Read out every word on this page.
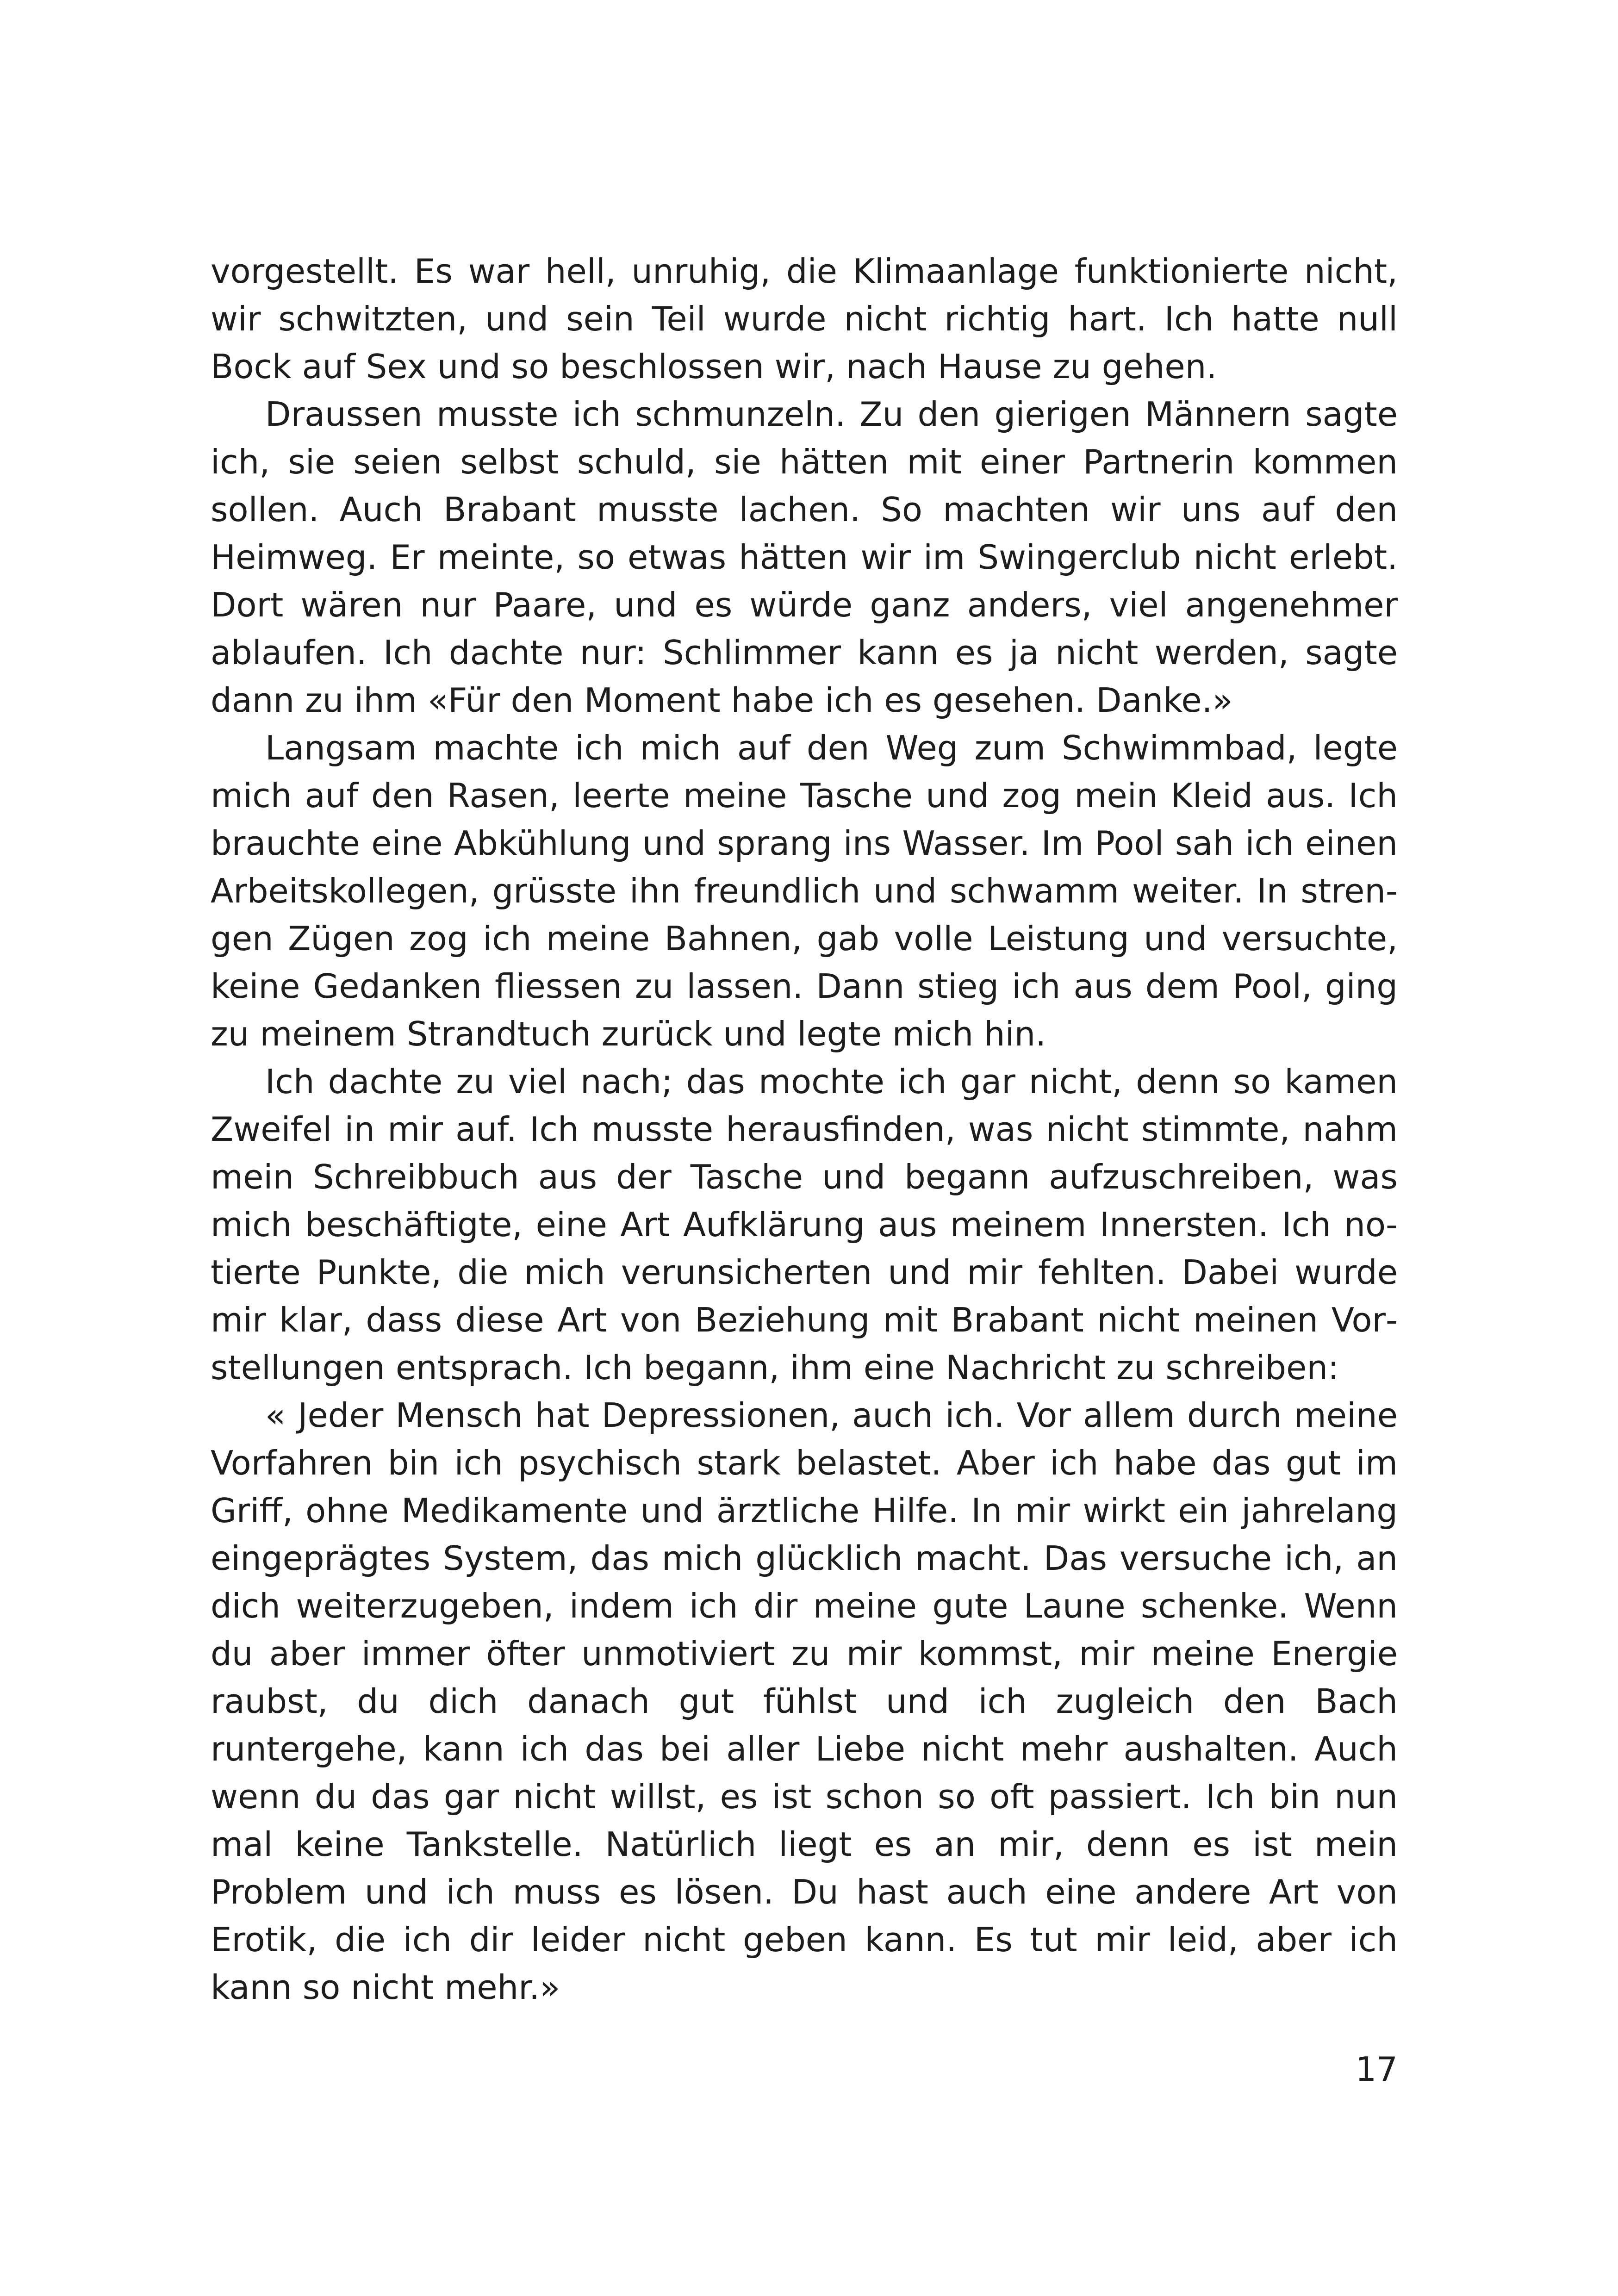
vorgestellt. Es war hell, unruhig, die Klimaanlage funktionierte nicht, wir schwitzten, und sein Teil wurde nicht richtig hart. Ich hatte null Bock auf Sex und so beschlossen wir, nach Hause zu gehen.

Draussen musste ich schmunzeln. Zu den gierigen Männern sagte ich, sie seien selbst schuld, sie hätten mit einer Partnerin kommen sollen. Auch Brabant musste lachen. So machten wir uns auf den Heimweg. Er meinte, so etwas hätten wir im Swingerclub nicht erlebt. Dort wären nur Paare, und es würde ganz anders, viel angenehmer ablaufen. Ich dachte nur: Schlimmer kann es ja nicht werden, sagte dann zu ihm «Für den Moment habe ich es gesehen. Danke.»

Langsam machte ich mich auf den Weg zum Schwimmbad, legte mich auf den Rasen, leerte meine Tasche und zog mein Kleid aus. Ich brauchte eine Abkühlung und sprang ins Wasser. Im Pool sah ich einen Arbeitskollegen, grüsste ihn freundlich und schwamm weiter. In strengen Zügen zog ich meine Bahnen, gab volle Leistung und versuchte, keine Gedanken fliessen zu lassen. Dann stieg ich aus dem Pool, ging zu meinem Strandtuch zurück und legte mich hin.

Ich dachte zu viel nach; das mochte ich gar nicht, denn so kamen Zweifel in mir auf. Ich musste herausfinden, was nicht stimmte, nahm mein Schreibbuch aus der Tasche und begann aufzuschreiben, was mich beschäftigte, eine Art Aufklärung aus meinem Innersten. Ich notierte Punkte, die mich verunsicherten und mir fehlten. Dabei wurde mir klar, dass diese Art von Beziehung mit Brabant nicht meinen Vorstellungen entsprach. Ich begann, ihm eine Nachricht zu schreiben:

« Jeder Mensch hat Depressionen, auch ich. Vor allem durch meine Vorfahren bin ich psychisch stark belastet. Aber ich habe das gut im Griff, ohne Medikamente und ärztliche Hilfe. In mir wirkt ein jahrelang eingeprägtes System, das mich glücklich macht. Das versuche ich, an dich weiterzugeben, indem ich dir meine gute Laune schenke. Wenn du aber immer öfter unmotiviert zu mir kommst, mir meine Energie raubst, du dich danach gut fühlst und ich zugleich den Bach runtergehe, kann ich das bei aller Liebe nicht mehr aushalten. Auch wenn du das gar nicht willst, es ist schon so oft passiert. Ich bin nun mal keine Tankstelle. Natürlich liegt es an mir, denn es ist mein Problem und ich muss es lösen. Du hast auch eine andere Art von Erotik, die ich dir leider nicht geben kann. Es tut mir leid, aber ich kann so nicht mehr.»

17
